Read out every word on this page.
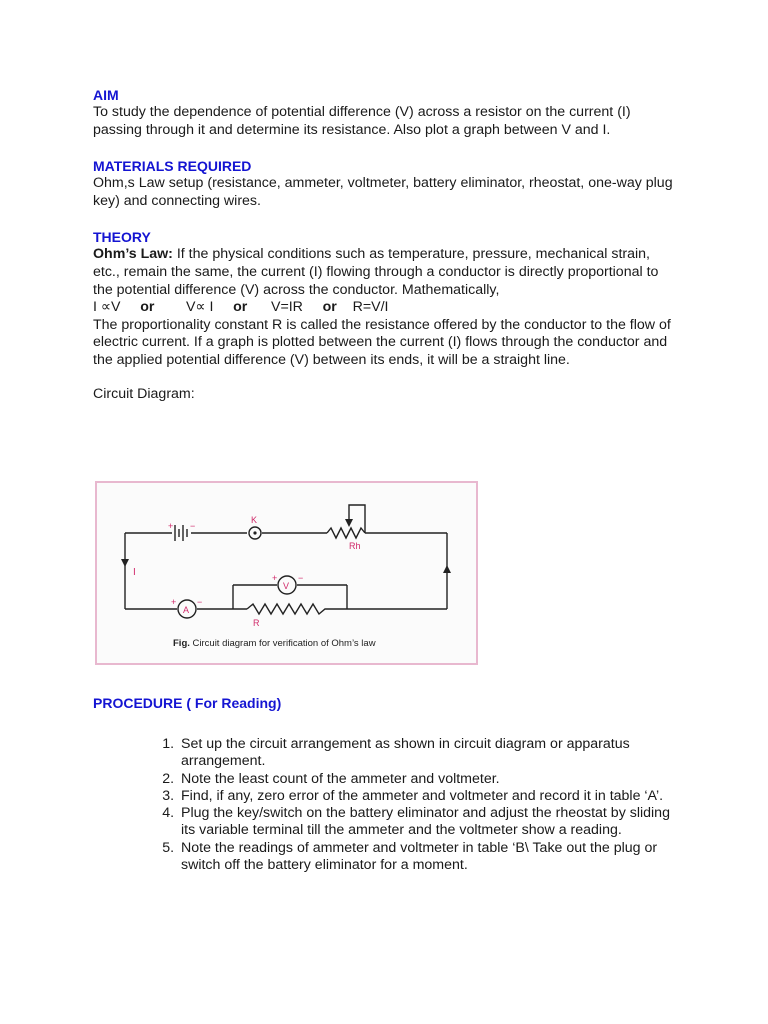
AIM

To study the dependence of potential difference (V) across a resistor on the current (I) passing through it and determine its resistance. Also plot a graph between V and I.

MATERIALS REQUIRED

Ohm,s Law setup (resistance, ammeter, voltmeter, battery eliminator, rheostat, one-way plug key) and connecting wires.

THEORY

Ohm’s Law: If the physical conditions such as temperature, pressure, mechanical strain, etc., remain the same, the current (I) flowing through a conductor is directly proportional to the potential difference (V) across the conductor. Mathematically,

I ∝V or V∝ I or V=IR or R=V/I

The proportionality constant R is called the resistance offered by the conductor to the flow of electric current. If a graph is plotted between the current (I) flows through the conductor and the applied potential difference (V) between its ends, it will be a straight line.

Circuit Diagram:

K
Rh
I
V
A
R
+ −
+ −
+ −
Fig. Circuit diagram for verification of Ohm’s law
PROCEDURE ( For Reading)
1. Set up the circuit arrangement as shown in circuit diagram or apparatus arrangement.
2. Note the least count of the ammeter and voltmeter.
3. Find, if any, zero error of the ammeter and voltmeter and record it in table ‘A’.
4. Plug the key/switch on the battery eliminator and adjust the rheostat by sliding its variable terminal till the ammeter and the voltmeter show a reading.
5. Note the readings of ammeter and voltmeter in table ‘B\ Take out the plug or switch off the battery eliminator for a moment.
